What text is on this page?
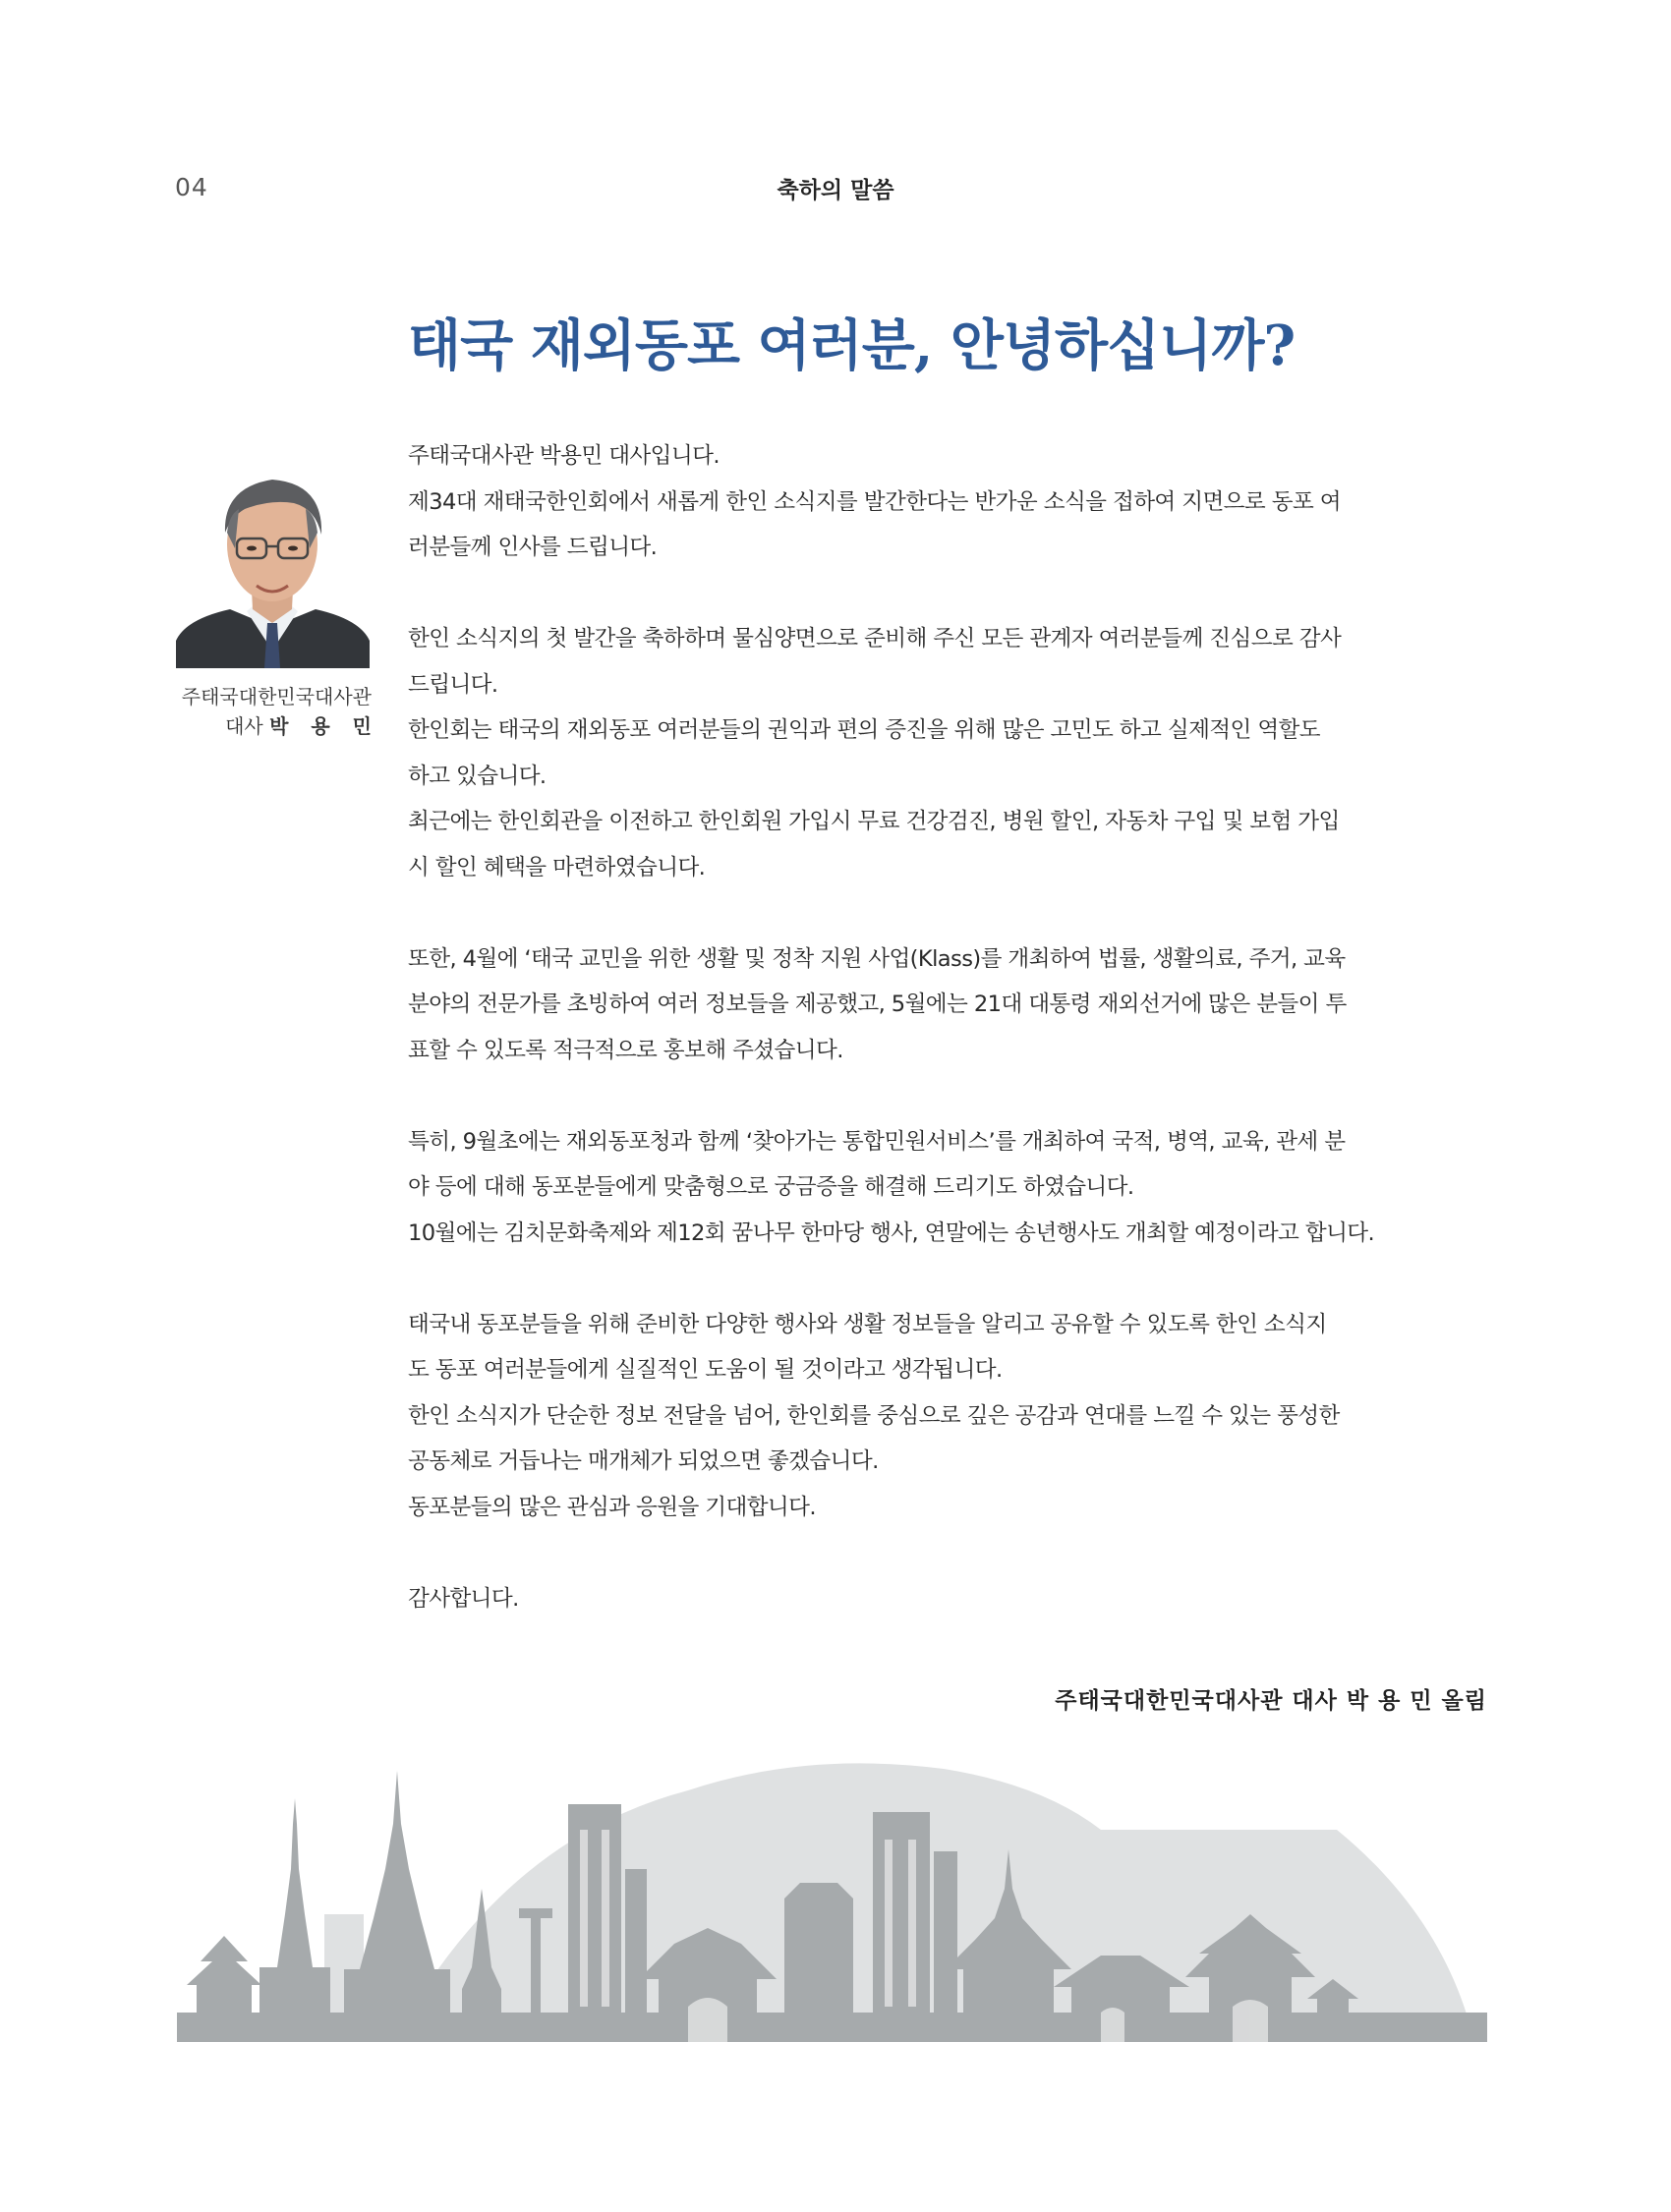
04	축하의 말씀
태국 재외동포 여러분, 안녕하십니까?
주태국대한민국대사관
대사 박 용 민

주태국대사관 박용민 대사입니다.
제34대 재태국한인회에서 새롭게 한인 소식지를 발간한다는 반가운 소식을 접하여 지면으로 동포 여
러분들께 인사를 드립니다.

한인 소식지의 첫 발간을 축하하며 물심양면으로 준비해 주신 모든 관계자 여러분들께 진심으로 감사
드립니다.
한인회는 태국의 재외동포 여러분들의 권익과 편의 증진을 위해 많은 고민도 하고 실제적인 역할도
하고 있습니다.
최근에는 한인회관을 이전하고 한인회원 가입시 무료 건강검진, 병원 할인, 자동차 구입 및 보험 가입
시 할인 혜택을 마련하였습니다.

또한, 4월에 ‘태국 교민을 위한 생활 및 정착 지원 사업(Klass)를 개최하여 법률, 생활의료, 주거, 교육
분야의 전문가를 초빙하여 여러 정보들을 제공했고, 5월에는 21대 대통령 재외선거에 많은 분들이 투
표할 수 있도록 적극적으로 홍보해 주셨습니다.

특히, 9월초에는 재외동포청과 함께 ‘찾아가는 통합민원서비스’를 개최하여 국적, 병역, 교육, 관세 분
야 등에 대해 동포분들에게 맞춤형으로 궁금증을 해결해 드리기도 하였습니다.
10월에는 김치문화축제와 제12회 꿈나무 한마당 행사, 연말에는 송년행사도 개최할 예정이라고 합니다.

태국내 동포분들을 위해 준비한 다양한 행사와 생활 정보들을 알리고 공유할 수 있도록 한인 소식지
도 동포 여러분들에게 실질적인 도움이 될 것이라고 생각됩니다.
한인 소식지가 단순한 정보 전달을 넘어, 한인회를 중심으로 깊은 공감과 연대를 느낄 수 있는 풍성한
공동체로 거듭나는 매개체가 되었으면 좋겠습니다.
동포분들의 많은 관심과 응원을 기대합니다.

감사합니다.

주태국대한민국대사관 대사 박 용 민 올림
